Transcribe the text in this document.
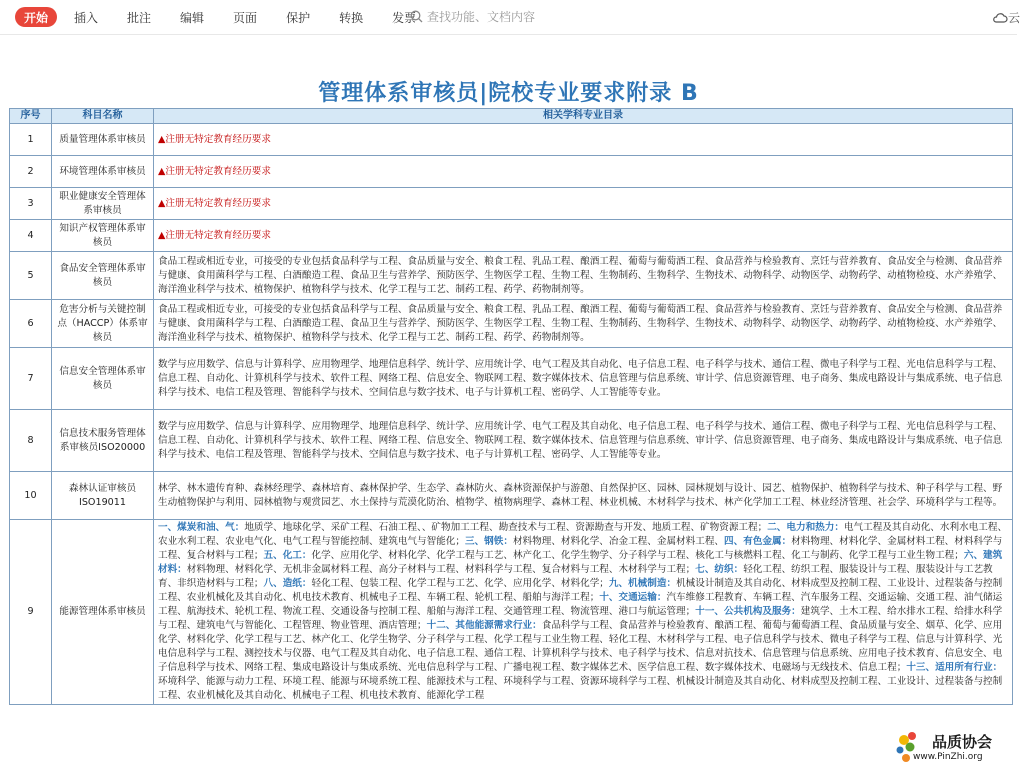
开始	插入 批注 编辑 页面 保护 转换 发票 查找功能、文档内容	云
管理体系审核员|院校专业要求附录 B
序号	科目名称	相关学科专业目录
1	质量管理体系审核员	▲注册无特定教育经历要求
2	环境管理体系审核员	▲注册无特定教育经历要求
3	职业健康安全管理体系审核员	▲注册无特定教育经历要求
4	知识产权管理体系审核员	▲注册无特定教育经历要求
5	食品安全管理体系审核员	食品工程或相近专业，可接受的专业包括食品科学与工程、食品质量与安全、粮食工程、乳品工程、酿酒工程、葡萄与葡萄酒工程、食品营养与检验教育、烹饪与营养教育、食品安全与检测、食品营养与健康、食用菌科学与工程、白酒酿造工程、食品卫生与营养学、预防医学、生物医学工程、生物工程、生物制药、生物科学、生物技术、动物科学、动物医学、动物药学、动植物检疫、水产养殖学、海洋渔业科学与技术、植物保护、植物科学与技术、化学工程与工艺、制药工程、药学、药物制剂等。
6	危害分析与关键控制点（HACCP）体系审核员	食品工程或相近专业，可接受的专业包括食品科学与工程、食品质量与安全、粮食工程、乳品工程、酿酒工程、葡萄与葡萄酒工程、食品营养与检验教育、烹饪与营养教育、食品安全与检测、食品营养与健康、食用菌科学与工程、白酒酿造工程、食品卫生与营养学、预防医学、生物医学工程、生物工程、生物制药、生物科学、生物技术、动物科学、动物医学、动物药学、动植物检疫、水产养殖学、海洋渔业科学与技术、植物保护、植物科学与技术、化学工程与工艺、制药工程、药学、药物制剂等。
7	信息安全管理体系审核员	数学与应用数学、信息与计算科学、应用物理学、地理信息科学、统计学、应用统计学、电气工程及其自动化、电子信息工程、电子科学与技术、通信工程、微电子科学与工程、光电信息科学与工程、信息工程、自动化、计算机科学与技术、软件工程、网络工程、信息安全、物联网工程、数字媒体技术、信息管理与信息系统、审计学、信息资源管理、电子商务、集成电路设计与集成系统、电子信息科学与技术、电信工程及管理、智能科学与技术、空间信息与数字技术、电子与计算机工程、密码学、人工智能等专业。
8	信息技术服务管理体系审核员ISO20000	数学与应用数学、信息与计算科学、应用物理学、地理信息科学、统计学、应用统计学、电气工程及其自动化、电子信息工程、电子科学与技术、通信工程、微电子科学与工程、光电信息科学与工程、信息工程、自动化、计算机科学与技术、软件工程、网络工程、信息安全、物联网工程、数字媒体技术、信息管理与信息系统、审计学、信息资源管理、电子商务、集成电路设计与集成系统、电子信息科学与技术、电信工程及管理、智能科学与技术、空间信息与数字技术、电子与计算机工程、密码学、人工智能等专业。
10	森林认证审核员ISO19011	林学、林木遗传育种、森林经理学、森林培育、森林保护学、生态学、森林防火、森林资源保护与游憩、自然保护区、园林、园林规划与设计、园艺、植物保护、植物科学与技术、种子科学与工程、野生动植物保护与利用、园林植物与观赏园艺、水土保持与荒漠化防治、植物学、植物病理学、森林工程、林业机械、木材科学与技术、林产化学加工工程、林业经济管理、社会学、环境科学与工程等。
9	能源管理体系审核员	一、煤炭和油、气：地质学、地球化学、采矿工程、石油工程、、矿物加工工程、勘查技术与工程、资源勘查与开发、地质工程、矿物资源工程；二、电力和热力：电气工程及其自动化、水利水电工程、农业水利工程、农业电气化、电气工程与智能控制、建筑电气与智能化；三、钢铁：材料物理、材料化学、冶金工程、金属材料工程、四、有色金属：材料物理、材料化学、金属材料工程、材料科学与工程、复合材料与工程；五、化工：化学、应用化学、材料化学、化学工程与工艺、林产化工、化学生物学、分子科学与工程、核化工与核燃料工程、化工与制药、化学工程与工业生物工程；六、建筑材料：材料物理、材料化学、无机非金属材料工程、高分子材料与工程、材料科学与工程、复合材料与工程、木材科学与工程；七、纺织：轻化工程、纺织工程、服装设计与工程、服装设计与工艺教育、非织造材料与工程；八、造纸：轻化工程、包装工程、化学工程与工艺、化学、应用化学、材料化学；九、机械制造：机械设计制造及其自动化、材料成型及控制工程、工业设计、过程装备与控制工程、农业机械化及其自动化、机电技术教育、机械电子工程、车辆工程、轮机工程、船舶与海洋工程；十、交通运输：汽车维修工程教育、车辆工程、汽车服务工程、交通运输、交通工程、油气储运工程、航海技术、轮机工程、物流工程、交通设备与控制工程、船舶与海洋工程、交通管理工程、物流管理、港口与航运管理；十一、公共机构及服务：建筑学、土木工程、给水排水工程、给排水科学与工程、建筑电气与智能化、工程管理、物业管理、酒店管理；十二、其他能源需求行业：食品科学与工程、食品营养与检验教育、酿酒工程、葡萄与葡萄酒工程、食品质量与安全、烟草、化学、应用化学、材料化学、化学工程与工艺、林产化工、化学生物学、分子科学与工程、化学工程与工业生物工程、轻化工程、木材科学与工程、电子信息科学与技术、微电子科学与工程、信息与计算科学、光电信息科学与工程、测控技术与仪器、电气工程及其自动化、电子信息工程、通信工程、计算机科学与技术、电子科学与技术、信息对抗技术、信息管理与信息系统、应用电子技术教育、信息安全、电子信息科学与技术、网络工程、集成电路设计与集成系统、光电信息科学与工程、广播电视工程、数字媒体艺术、医学信息工程、数字媒体技术、电磁场与无线技术、信息工程；十三、适用所有行业：环境科学、能源与动力工程、环境工程、能源与环境系统工程、能源技术与工程、环境科学与工程、资源环境科学与工程、机械设计制造及其自动化、材料成型及控制工程、工业设计、过程装备与控制工程、农业机械化及其自动化、机械电子工程、机电技术教育、能源化学工程
品质协会
www.PinZhi.org
